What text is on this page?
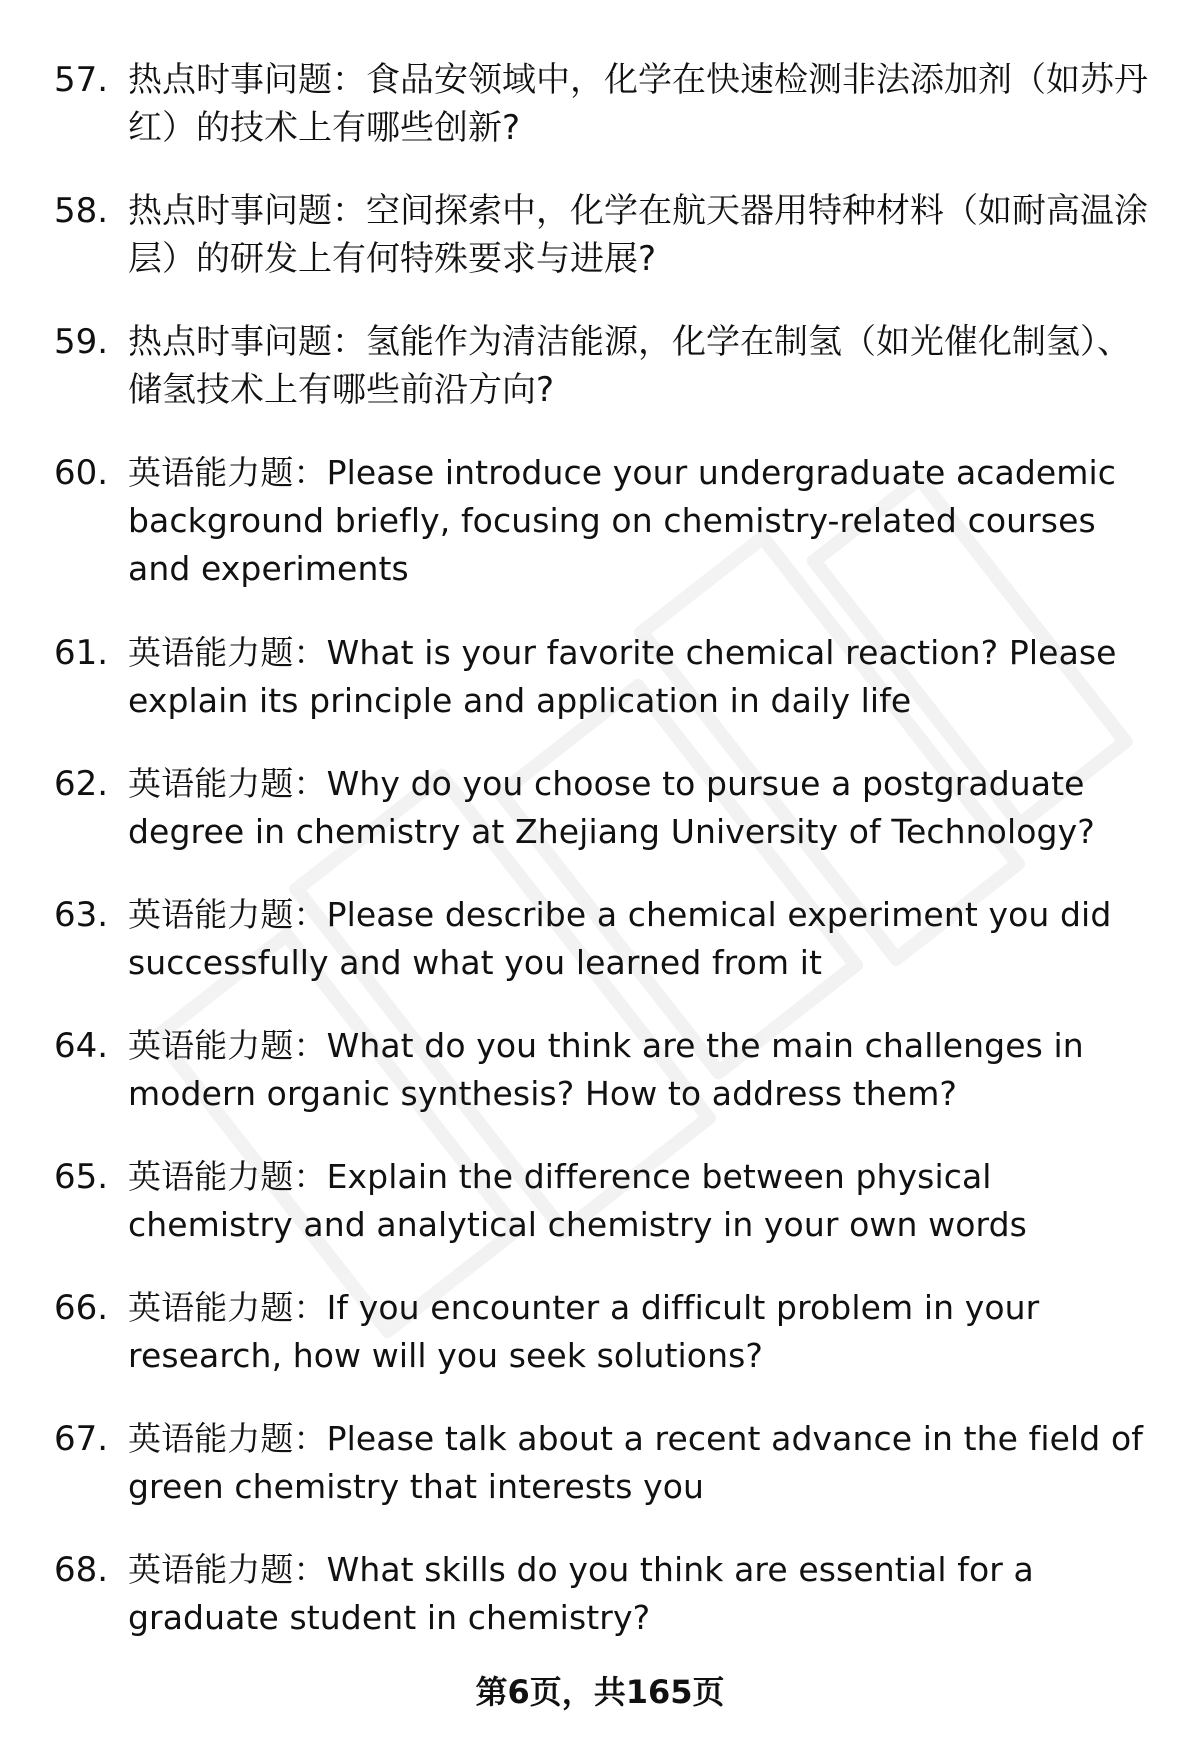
57. 热点时事问题：食品安领域中，化学在快速检测非法添加剂（如苏丹红）的技术上有哪些创新?

58. 热点时事问题：空间探索中，化学在航天器用特种材料（如耐高温涂层）的研发上有何特殊要求与进展?

59. 热点时事问题：氢能作为清洁能源，化学在制氢（如光催化制氢）、储氢技术上有哪些前沿方向?

60. 英语能力题：Please introduce your undergraduate academic background briefly, focusing on chemistry-related courses and experiments

61. 英语能力题：What is your favorite chemical reaction? Please explain its principle and application in daily life

62. 英语能力题：Why do you choose to pursue a postgraduate degree in chemistry at Zhejiang University of Technology?

63. 英语能力题：Please describe a chemical experiment you did successfully and what you learned from it

64. 英语能力题：What do you think are the main challenges in modern organic synthesis? How to address them?

65. 英语能力题：Explain the difference between physical chemistry and analytical chemistry in your own words

66. 英语能力题：If you encounter a difficult problem in your research, how will you seek solutions?

67. 英语能力题：Please talk about a recent advance in the field of green chemistry that interests you

68. 英语能力题：What skills do you think are essential for a graduate student in chemistry?

第6页，共165页
